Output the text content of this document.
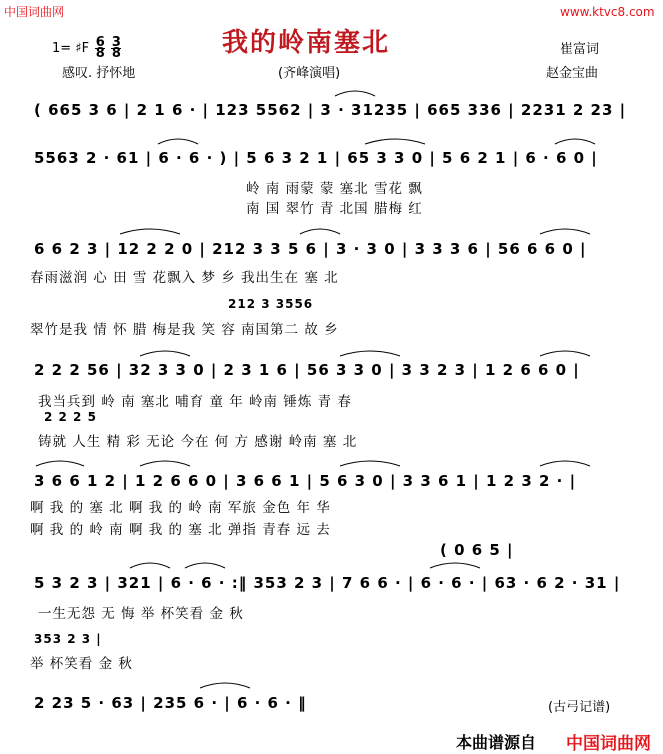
中国词曲网	www.ktvc8.com
我的岭南塞北
1= ♯F $\frac{6}{8}$
$\frac{3}{8}$
感叹. 抒怀地	(齐峰演唱)
崔富词
赵金宝曲
( 665 3 6 | 2 1 6 · | 123 5562 | 3 · 31235 | 665 336 | 2231 2 23 |
5563 2 · 61 | 6 · 6 · ) | 5 6 3 2 1 | 65 3 3 0 | 5 6 2 1 | 6 · 6 0 |
岭 南 雨蒙 蒙 塞北 雪花 飘
南 国 翠竹 青 北国 腊梅 红
6 6 2 3 | 12 2 2 0 | 212 3 3 5 6 | 3 · 3 0 | 3 3 3 6 | 56 6 6 0 |
春雨滋润 心 田 雪 花飘入 梦 乡 我出生在 塞 北
212 3 3556
翠竹是我 情 怀 腊 梅是我 笑 容 南国第二 故 乡
2 2 2 56 | 32 3 3 0 | 2 3 1 6 | 56 3 3 0 | 3 3 2 3 | 1 2 6 6 0 |
我当兵到 岭 南 塞北 哺育 童 年 岭南 锤炼 青 春
2 2 2 5
铸就 人生 精 彩 无论 今在 何 方 感谢 岭南 塞 北
3 6 6 1 2 | 1 2 6 6 0 | 3 6 6 1 | 5 6 3 0 | 3 3 6 1 | 1 2 3 2 · |
啊 我 的 塞 北 啊 我 的 岭 南 军旅 金色 年 华
啊 我 的 岭 南 啊 我 的 塞 北 弹指 青春 远 去
( 0 6 5 |
5 3 2 3 | 321 | 6 · 6 · :‖ 353 2 3 | 7 6 6 · | 6 · 6 · | 63 · 6 2 · 31 |
一生无怨 无 悔 举 杯笑看 金 秋
353 2 3 |
举 杯笑看 金 秋
2 23 5 · 63 | 235 6 · | 6 · 6 · ‖	(古弓记谱)
本曲谱源自 中国词曲网
